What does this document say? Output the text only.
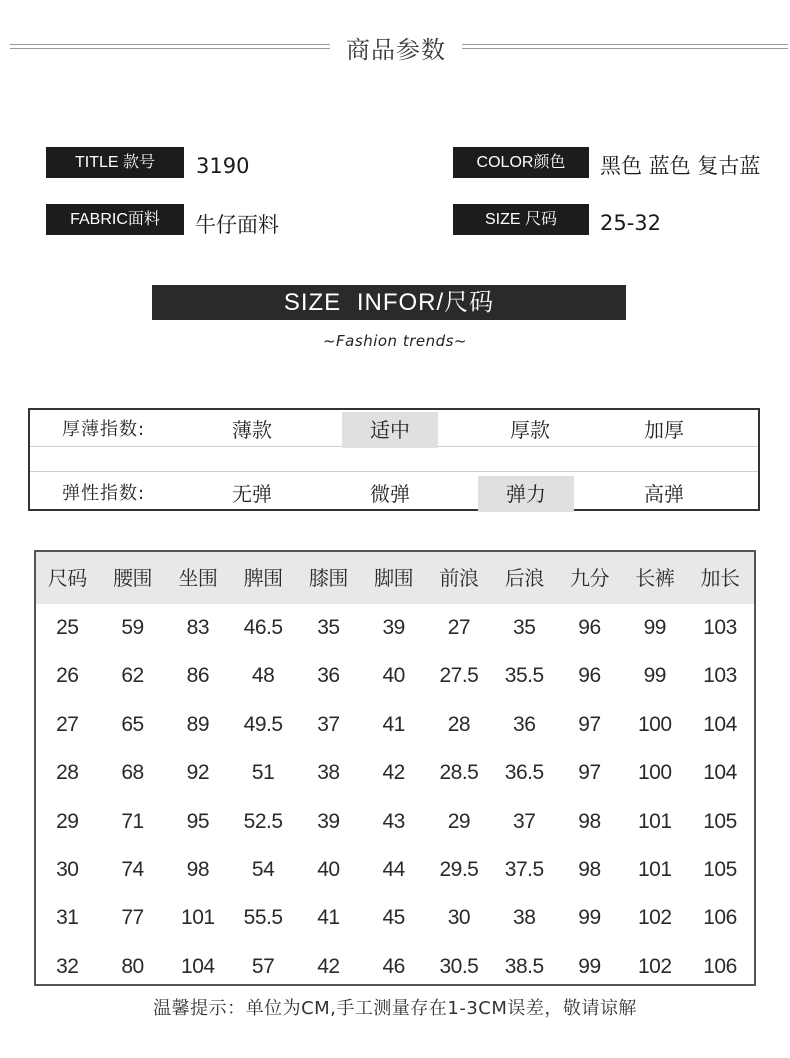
商品参数
TITLE 款号	3190	COLOR颜色	黑色 蓝色 复古蓝
FABRIC面料	牛仔面料	SIZE 尺码	25-32
SIZE INFOR/尺码
~Fashion trends~
厚薄指数:	薄款	适中	厚款	加厚
弹性指数:	无弹	微弹	弹力	高弹
尺码	腰围	坐围	脾围	膝围	脚围	前浪	后浪	九分	长裤	加长
25	59	83	46.5	35	39	27	35	96	99	103
26	62	86	48	36	40	27.5	35.5	96	99	103
27	65	89	49.5	37	41	28	36	97	100	104
28	68	92	51	38	42	28.5	36.5	97	100	104
29	71	95	52.5	39	43	29	37	98	101	105
30	74	98	54	40	44	29.5	37.5	98	101	105
31	77	101	55.5	41	45	30	38	99	102	106
32	80	104	57	42	46	30.5	38.5	99	102	106
温馨提示：单位为CM,手工测量存在1-3CM误差，敬请谅解
